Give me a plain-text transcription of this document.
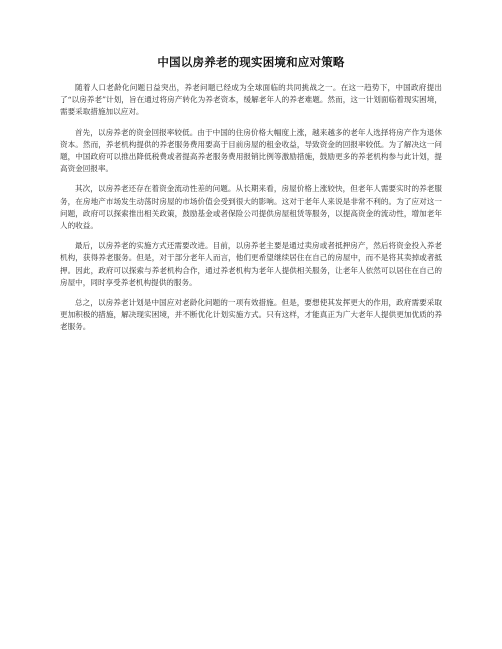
中国以房养老的现实困境和应对策略

随着人口老龄化问题日益突出，养老问题已经成为全球面临的共同挑战之一。在这一趋势下，中国政府提出了“以房养老”计划，旨在通过将房产转化为养老资本，缓解老年人的养老难题。然而，这一计划面临着现实困境，需要采取措施加以应对。

首先，以房养老的资金回报率较低。由于中国的住房价格大幅度上涨，越来越多的老年人选择将房产作为退休资本。然而，养老机构提供的养老服务费用要高于目前房屋的租金收益，导致资金的回报率较低。为了解决这一问题，中国政府可以推出降低税费或者提高养老服务费用报销比例等激励措施，鼓励更多的养老机构参与此计划，提高资金回报率。

其次，以房养老还存在着资金流动性差的问题。从长期来看，房屋价格上涨较快，但老年人需要实时的养老服务，在房地产市场发生动荡时房屋的市场价值会受到很大的影响。这对于老年人来说是非常不利的。为了应对这一问题，政府可以探索推出相关政策，鼓励基金或者保险公司提供房屋租赁等服务，以提高资金的流动性，增加老年人的收益。

最后，以房养老的实施方式还需要改进。目前，以房养老主要是通过卖房或者抵押房产，然后将资金投入养老机构，获得养老服务。但是，对于部分老年人而言，他们更希望继续居住在自己的房屋中，而不是将其卖掉或者抵押。因此，政府可以探索与养老机构合作，通过养老机构为老年人提供相关服务，让老年人依然可以居住在自己的房屋中，同时享受养老机构提供的服务。

总之，以房养老计划是中国应对老龄化问题的一项有效措施。但是，要想使其发挥更大的作用，政府需要采取更加积极的措施，解决现实困境，并不断优化计划实施方式。只有这样，才能真正为广大老年人提供更加优质的养老服务。
